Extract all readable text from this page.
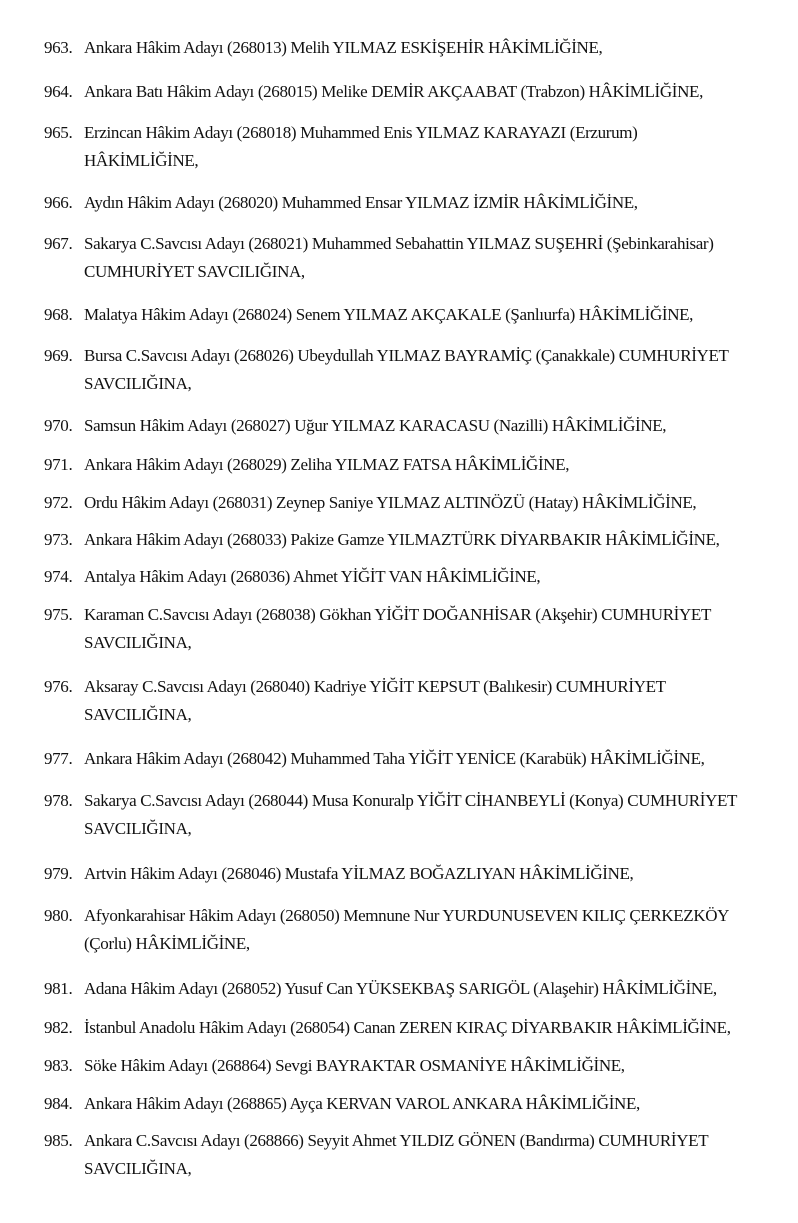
963. Ankara Hâkim Adayı (268013) Melih YILMAZ ESKİŞEHİR HÂKİMLİĞİNE,
964. Ankara Batı Hâkim Adayı (268015) Melike DEMİR AKÇAABAT (Trabzon) HÂKİMLİĞİNE,
965. Erzincan Hâkim Adayı (268018) Muhammed Enis YILMAZ KARAYAZI (Erzurum)
HÂKİMLİĞİNE,
966. Aydın Hâkim Adayı (268020) Muhammed Ensar YILMAZ İZMİR HÂKİMLİĞİNE,
967. Sakarya C.Savcısı Adayı (268021) Muhammed Sebahattin YILMAZ SUŞEHRİ (Şebinkarahisar)
CUMHURİYET SAVCILIĞINA,
968. Malatya Hâkim Adayı (268024) Senem YILMAZ AKÇAKALE (Şanlıurfa) HÂKİMLİĞİNE,
969. Bursa C.Savcısı Adayı (268026) Ubeydullah YILMAZ BAYRAMİÇ (Çanakkale) CUMHURİYET
SAVCILIĞINA,
970. Samsun Hâkim Adayı (268027) Uğur YILMAZ KARACASU (Nazilli) HÂKİMLİĞİNE,
971. Ankara Hâkim Adayı (268029) Zeliha YILMAZ FATSA HÂKİMLİĞİNE,
972. Ordu Hâkim Adayı (268031) Zeynep Saniye YILMAZ ALTINÖZÜ (Hatay) HÂKİMLİĞİNE,
973. Ankara Hâkim Adayı (268033) Pakize Gamze YILMAZTÜRK DİYARBAKIR HÂKİMLİĞİNE,
974. Antalya Hâkim Adayı (268036) Ahmet YİĞİT VAN HÂKİMLİĞİNE,
975. Karaman C.Savcısı Adayı (268038) Gökhan YİĞİT DOĞANHİSAR (Akşehir) CUMHURİYET
SAVCILIĞINA,
976. Aksaray C.Savcısı Adayı (268040) Kadriye YİĞİT KEPSUT (Balıkesir) CUMHURİYET
SAVCILIĞINA,
977. Ankara Hâkim Adayı (268042) Muhammed Taha YİĞİT YENİCE (Karabük) HÂKİMLİĞİNE,
978. Sakarya C.Savcısı Adayı (268044) Musa Konuralp YİĞİT CİHANBEYLİ (Konya) CUMHURİYET
SAVCILIĞINA,
979. Artvin Hâkim Adayı (268046) Mustafa YİLMAZ BOĞAZLIYAN HÂKİMLİĞİNE,
980. Afyonkarahisar Hâkim Adayı (268050) Memnune Nur YURDUNUSEVEN KILIÇ ÇERKEZKÖY
(Çorlu) HÂKİMLİĞİNE,
981. Adana Hâkim Adayı (268052) Yusuf Can YÜKSEKBAŞ SARIGÖL (Alaşehir) HÂKİMLİĞİNE,
982. İstanbul Anadolu Hâkim Adayı (268054) Canan ZEREN KIRAÇ DİYARBAKIR HÂKİMLİĞİNE,
983. Söke Hâkim Adayı (268864) Sevgi BAYRAKTAR OSMANİYE HÂKİMLİĞİNE,
984. Ankara Hâkim Adayı (268865) Ayça KERVAN VAROL ANKARA HÂKİMLİĞİNE,
985. Ankara C.Savcısı Adayı (268866) Seyyit Ahmet YILDIZ GÖNEN (Bandırma) CUMHURİYET
SAVCILIĞINA,
